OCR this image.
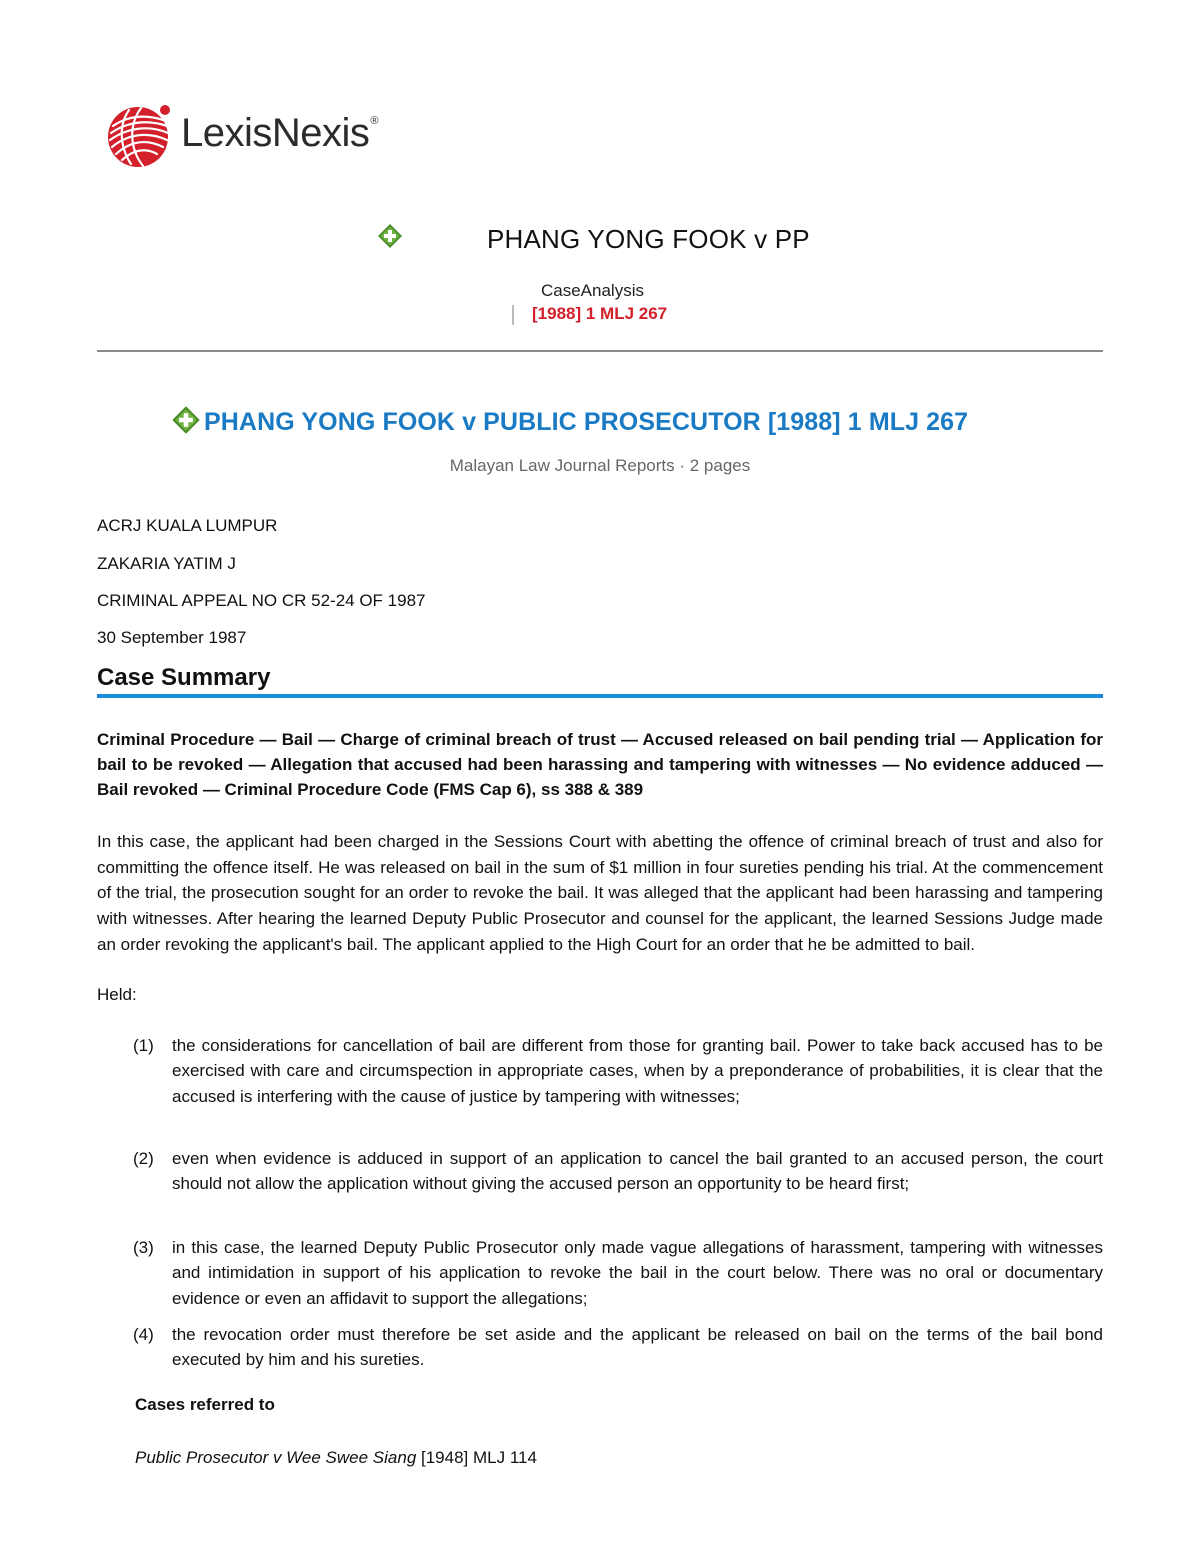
LexisNexis®
PHANG YONG FOOK v PP
CaseAnalysis
[1988] 1 MLJ 267
PHANG YONG FOOK v PUBLIC PROSECUTOR [1988] 1 MLJ 267
Malayan Law Journal Reports · 2 pages
ACRJ KUALA LUMPUR
ZAKARIA YATIM J
CRIMINAL APPEAL NO CR 52-24 OF 1987
30 September 1987
Case Summary
Criminal Procedure — Bail — Charge of criminal breach of trust — Accused released on bail pending trial — Application for bail to be revoked — Allegation that accused had been harassing and tampering with witnesses — No evidence adduced — Bail revoked — Criminal Procedure Code (FMS Cap 6), ss 388 & 389
In this case, the applicant had been charged in the Sessions Court with abetting the offence of criminal breach of trust and also for committing the offence itself. He was released on bail in the sum of $1 million in four sureties pending his trial. At the commencement of the trial, the prosecution sought for an order to revoke the bail. It was alleged that the applicant had been harassing and tampering with witnesses. After hearing the learned Deputy Public Prosecutor and counsel for the applicant, the learned Sessions Judge made an order revoking the applicant's bail. The applicant applied to the High Court for an order that he be admitted to bail.
Held:
(1) the considerations for cancellation of bail are different from those for granting bail. Power to take back accused has to be exercised with care and circumspection in appropriate cases, when by a preponderance of probabilities, it is clear that the accused is interfering with the cause of justice by tampering with witnesses;
(2) even when evidence is adduced in support of an application to cancel the bail granted to an accused person, the court should not allow the application without giving the accused person an opportunity to be heard first;
(3) in this case, the learned Deputy Public Prosecutor only made vague allegations of harassment, tampering with witnesses and intimidation in support of his application to revoke the bail in the court below. There was no oral or documentary evidence or even an affidavit to support the allegations;
(4) the revocation order must therefore be set aside and the applicant be released on bail on the terms of the bail bond executed by him and his sureties.
Cases referred to
Public Prosecutor v Wee Swee Siang [1948] MLJ 114
